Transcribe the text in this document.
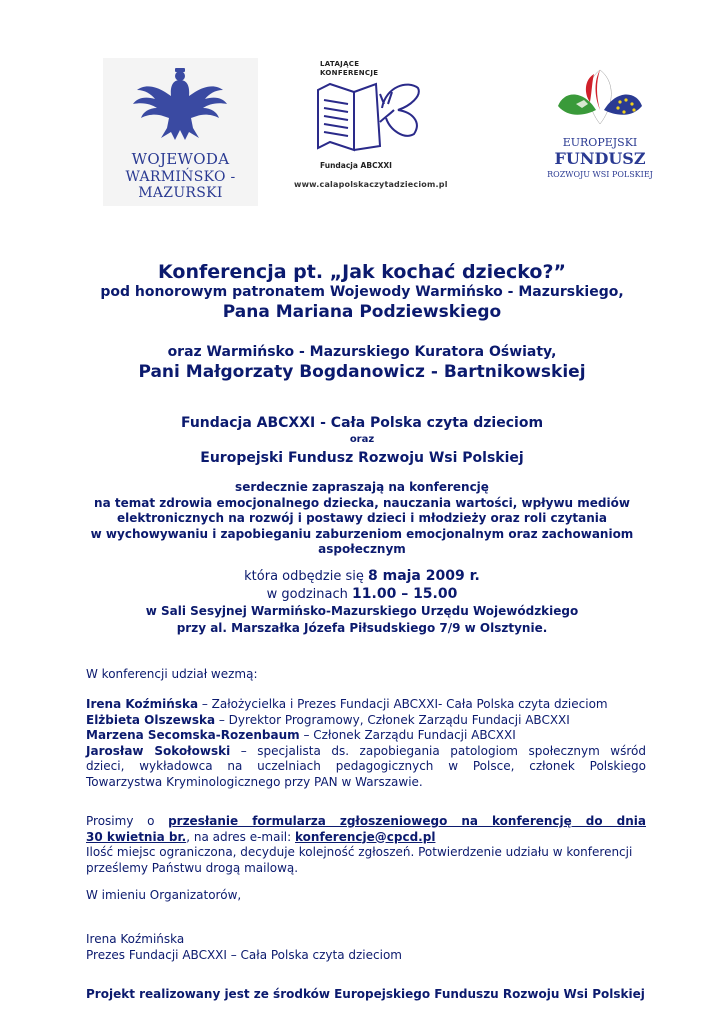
WOJEWODA
WARMIŃSKO - MAZURSKI
LATAJĄCE
KONFERENCJE
Fundacja ABCXXI
www.calapolskaczytadzieciom.pl
EUROPEJSKI
FUNDUSZ
ROZWOJU WSI POLSKIEJ
Konferencja pt. „Jak kochać dziecko?”
pod honorowym patronatem Wojewody Warmińsko - Mazurskiego,
Pana Mariana Podziewskiego
oraz Warmińsko - Mazurskiego Kuratora Oświaty,
Pani Małgorzaty Bogdanowicz - Bartnikowskiej
Fundacja ABCXXI - Cała Polska czyta dzieciom
oraz
Europejski Fundusz Rozwoju Wsi Polskiej
serdecznie zapraszają na konferencję
na temat zdrowia emocjonalnego dziecka, nauczania wartości, wpływu mediów
elektronicznych na rozwój i postawy dzieci i młodzieży oraz roli czytania
w wychowywaniu i zapobieganiu zaburzeniom emocjonalnym oraz zachowaniom
aspołecznym
która odbędzie się 8 maja 2009 r.
w godzinach 11.00 – 15.00
w Sali Sesyjnej Warmińsko-Mazurskiego Urzędu Wojewódzkiego
przy al. Marszałka Józefa Piłsudskiego 7/9 w Olsztynie.
W konferencji udział wezmą:
Irena Koźmińska – Założycielka i Prezes Fundacji ABCXXI- Cała Polska czyta dzieciom
Elżbieta Olszewska – Dyrektor Programowy, Członek Zarządu Fundacji ABCXXI
Marzena Secomska-Rozenbaum – Członek Zarządu Fundacji ABCXXI
Jarosław Sokołowski – specjalista ds. zapobiegania patologiom społecznym wśród
dzieci, wykładowca na uczelniach pedagogicznych w Polsce, członek Polskiego
Towarzystwa Kryminologicznego przy PAN w Warszawie.
Prosimy o przesłanie formularza zgłoszeniowego na konferencję do dnia
30 kwietnia br., na adres e-mail: konferencje@cpcd.pl
Ilość miejsc ograniczona, decyduje kolejność zgłoszeń. Potwierdzenie udziału w konferencji
prześlemy Państwu drogą mailową.
W imieniu Organizatorów,
Irena Koźmińska
Prezes Fundacji ABCXXI – Cała Polska czyta dzieciom
Projekt realizowany jest ze środków Europejskiego Funduszu Rozwoju Wsi Polskiej
